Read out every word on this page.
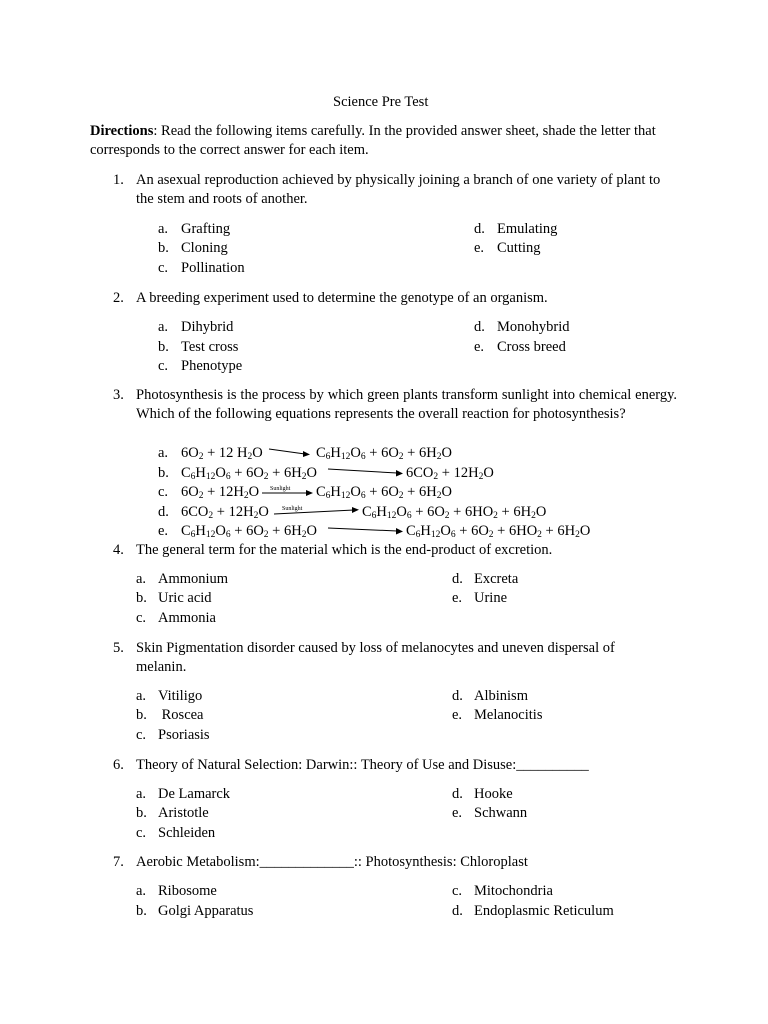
Science Pre Test
Directions: Read the following items carefully. In the provided answer sheet, shade the letter that corresponds to the correct answer for each item.
1. An asexual reproduction achieved by physically joining a branch of one variety of plant to the stem and roots of another.
a. Grafting
b. Cloning
c. Pollination
d. Emulating
e. Cutting
2. A breeding experiment used to determine the genotype of an organism.
a. Dihybrid
b. Test cross
c. Phenotype
d. Monohybrid
e. Cross breed
3. Photosynthesis is the process by which green plants transform sunlight into chemical energy. Which of the following equations represents the overall reaction for photosynthesis?
a. $6O_2 + 12$ $H_2O$	$C_6H_{12}O_6 + 6O_2 + 6H_2O$
b. $C_6H_{12}O_6 + 6O_2 + 6H_2O$	$6CO_2 + 12H_2O$
c. $6O_2 + 12H_2O$ Sunlight → $C_6H_{12}O_6 + 6O_2 + 6H_2O$
d. $6CO_2 + 12H_2O$ Sunlight	$C_6H_{12}O_6 + 6O_2 + 6HO_2 + 6H_2O$
e. $C_6H_{12}O_6 + 6O_2 + 6H_2O$	$C_6H_{12}O_6 + 6O_2 + 6HO_2 + 6H_2O$
4. The general term for the material which is the end-product of excretion.
a. Ammonium
b. Uric acid
c. Ammonia
d. Excreta
e. Urine
5. Skin Pigmentation disorder caused by loss of melanocytes and uneven dispersal of melanin.
a. Vitiligo
b. Roscea
c. Psoriasis
d. Albinism
e. Melanocitis
6. Theory of Natural Selection: Darwin:: Theory of Use and Disuse:__________
a. De Lamarck
b. Aristotle
c. Schleiden
d. Hooke
e. Schwann
7. Aerobic Metabolism:_____________:: Photosynthesis: Chloroplast
a. Ribosome
b. Golgi Apparatus
c. Mitochondria
d. Endoplasmic Reticulum
